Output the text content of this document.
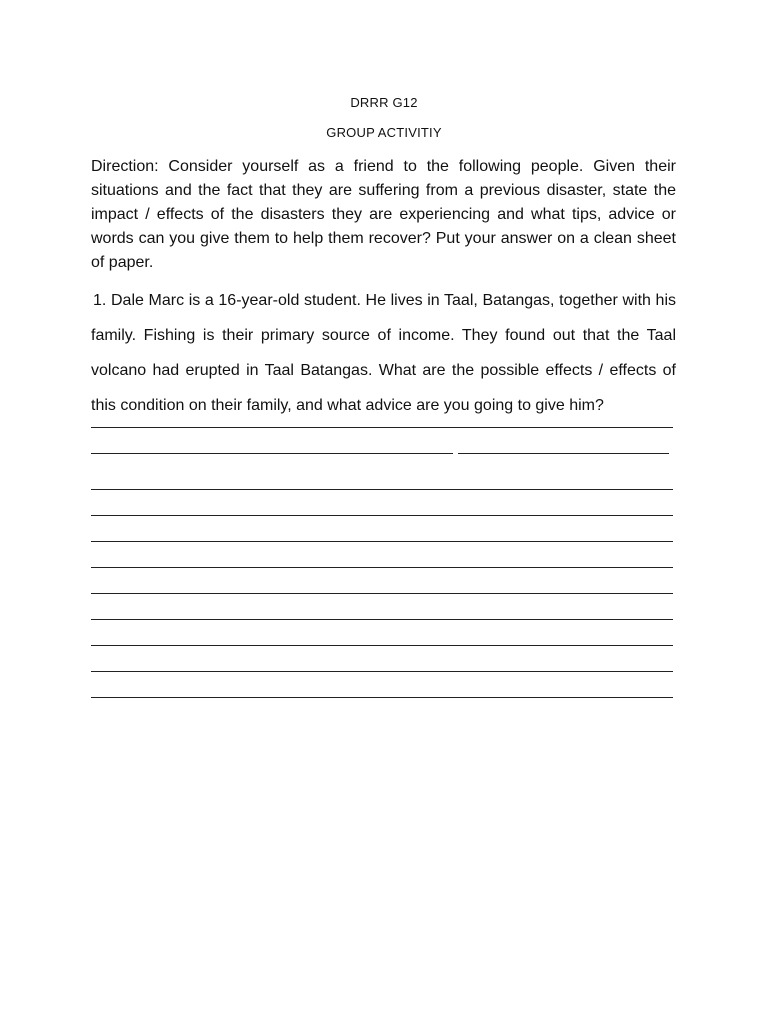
DRRR G12
GROUP ACTIVITIY
Direction: Consider yourself as a friend to the following people. Given their situations and the fact that they are suffering from a previous disaster, state the impact / effects of the disasters they are experiencing and what tips, advice or words can you give them to help them recover? Put your answer on a clean sheet of paper.
1. Dale Marc is a 16-year-old student. He lives in Taal, Batangas, together with his family. Fishing is their primary source of income. They found out that the Taal volcano had erupted in Taal Batangas. What are the possible effects / effects of this condition on their family, and what advice are you going to give him?
